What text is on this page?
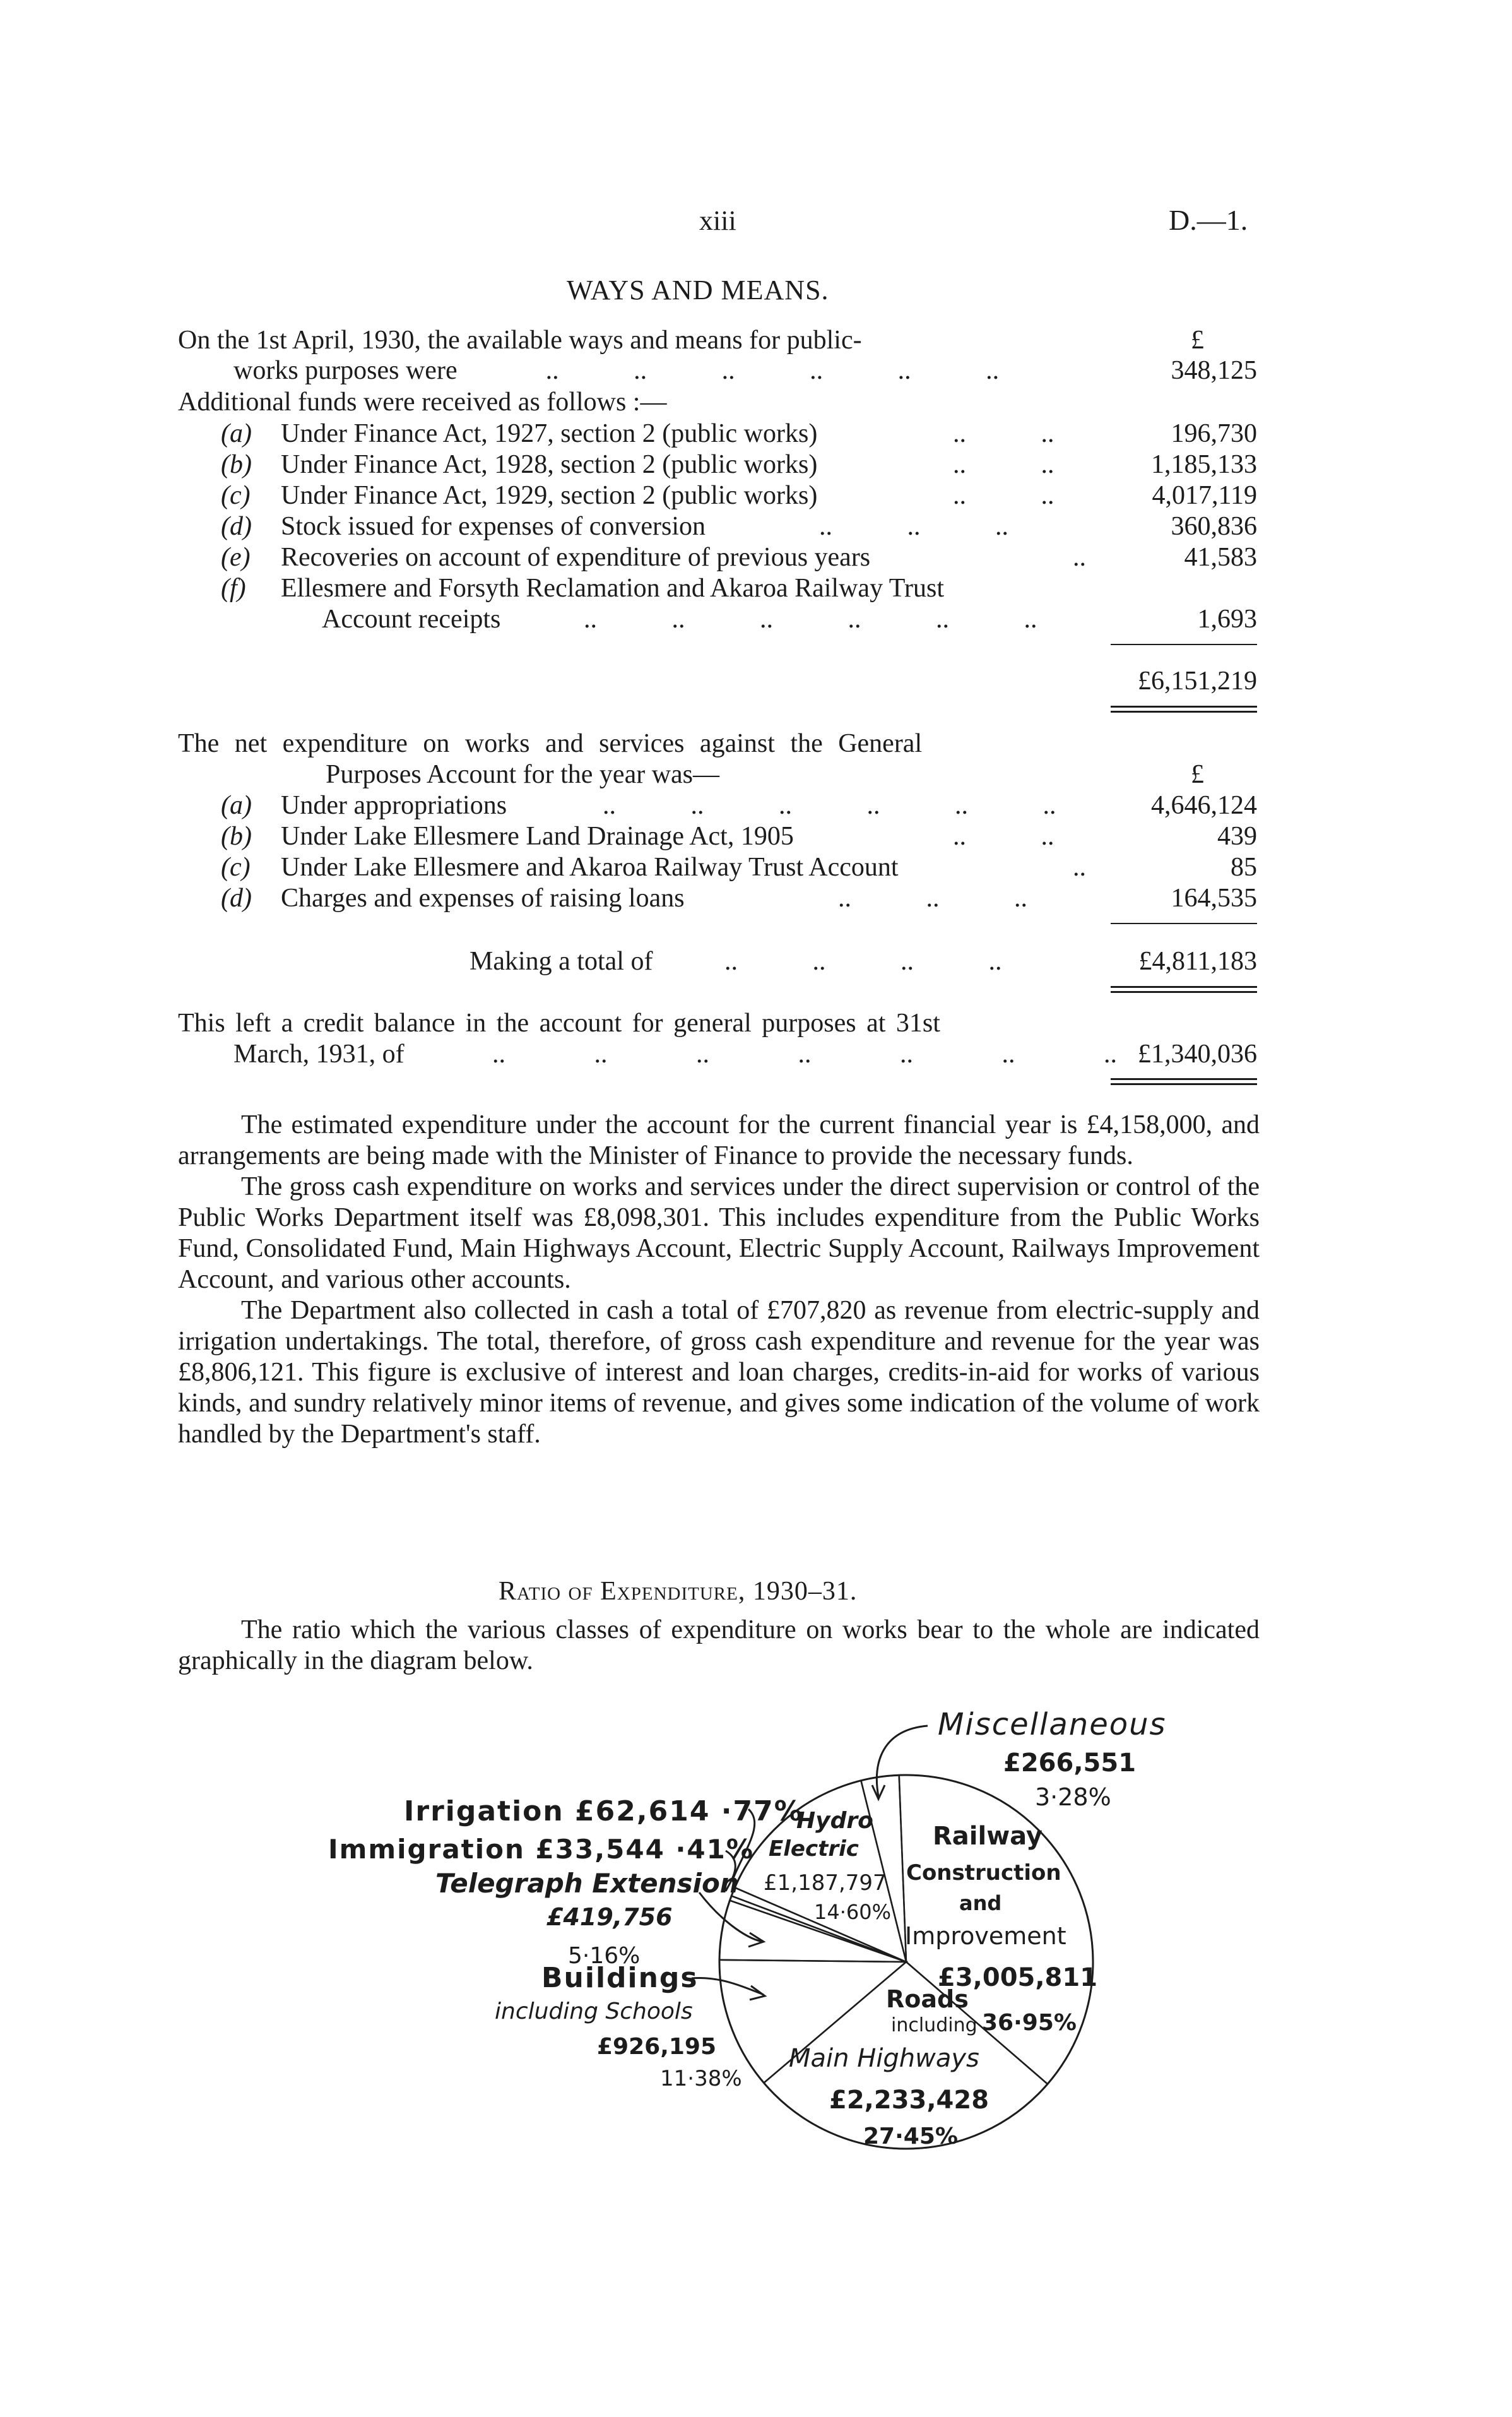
xiii	D.—1.
WAYS AND MEANS.
On the 1st April, 1930, the available ways and means for public-	£
works purposes were	.. .. .. .. .. ..	348,125
Additional funds were received as follows :—
(a) Under Finance Act, 1927, section 2 (public works)	.. ..	196,730
(b) Under Finance Act, 1928, section 2 (public works)	.. ..	1,185,133
(c) Under Finance Act, 1929, section 2 (public works)	.. ..	4,017,119
(d) Stock issued for expenses of conversion	.. .. ..	360,836
(e) Recoveries on account of expenditure of previous years	..	41,583
(f) Ellesmere and Forsyth Reclamation and Akaroa Railway Trust
Account receipts	.. .. .. .. .. ..	1,693
£6,151,219
The net expenditure on works and services against the General
Purposes Account for the year was—	£
(a) Under appropriations	.. .. .. .. .. ..	4,646,124
(b) Under Lake Ellesmere Land Drainage Act, 1905	.. ..	439
(c) Under Lake Ellesmere and Akaroa Railway Trust Account	..	85
(d) Charges and expenses of raising loans	.. .. ..	164,535
Making a total of	.. .. .. ..	£4,811,183
This left a credit balance in the account for general purposes at 31st
March, 1931, of	.. .. .. .. .. .. .. £1,340,036

The estimated expenditure under the account for the current financial year is £4,158,000, and arrangements are being made with the Minister of Finance to provide the necessary funds.

The gross cash expenditure on works and services under the direct supervision or control of the Public Works Department itself was £8,098,301. This includes expenditure from the Public Works Fund, Consolidated Fund, Main Highways Account, Electric Supply Account, Railways Improvement Account, and various other accounts.

The Department also collected in cash a total of £707,820 as revenue from electric-supply and irrigation undertakings. The total, therefore, of gross cash expenditure and revenue for the year was £8,806,121. This figure is exclusive of interest and loan charges, credits-in-aid for works of various kinds, and sundry relatively minor items of revenue, and gives some indication of the volume of work handled by the Department's staff.

Ratio of Expenditure, 1930–31.

The ratio which the various classes of expenditure on works bear to the whole are indicated graphically in the diagram below.

Miscellaneous
£266,551
3·28%
Railway
Construction
and
Improvement
£3,005,811
36·95%
Roads
including
Main Highways
£2,233,428
27·45%
Buildings
including Schools
£926,195
11·38%
Telegraph Extension
£419,756
5·16%
Immigration £33,544 ·41%
Irrigation £62,614 ·77%
Hydro
Electric
£1,187,797
14·60%
